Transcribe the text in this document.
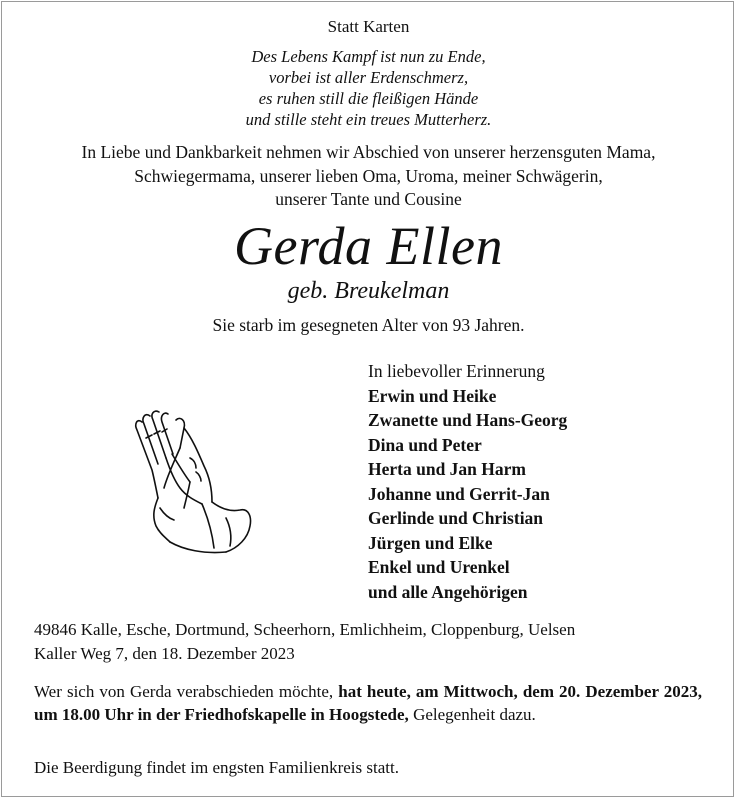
Statt Karten
Des Lebens Kampf ist nun zu Ende,
vorbei ist aller Erdenschmerz,
es ruhen still die fleißigen Hände
und stille steht ein treues Mutterherz.
In Liebe und Dankbarkeit nehmen wir Abschied von unserer herzensguten Mama,
Schwiegermama, unserer lieben Oma, Uroma, meiner Schwägerin,
unserer Tante und Cousine
Gerda Ellen
geb. Breukelman
Sie starb im gesegneten Alter von 93 Jahren.
In liebevoller Erinnerung
Erwin und Heike
Zwanette und Hans-Georg
Dina und Peter
Herta und Jan Harm
Johanne und Gerrit-Jan
Gerlinde und Christian
Jürgen und Elke
Enkel und Urenkel
und alle Angehörigen
49846 Kalle, Esche, Dortmund, Scheerhorn, Emlichheim, Cloppenburg, Uelsen
Kaller Weg 7, den 18. Dezember 2023
Wer sich von Gerda verabschieden möchte, hat heute, am Mittwoch, dem 20. Dezember 2023, um 18.00 Uhr in der Friedhofskapelle in Hoogstede, Gelegenheit dazu.
Die Beerdigung findet im engsten Familienkreis statt.
